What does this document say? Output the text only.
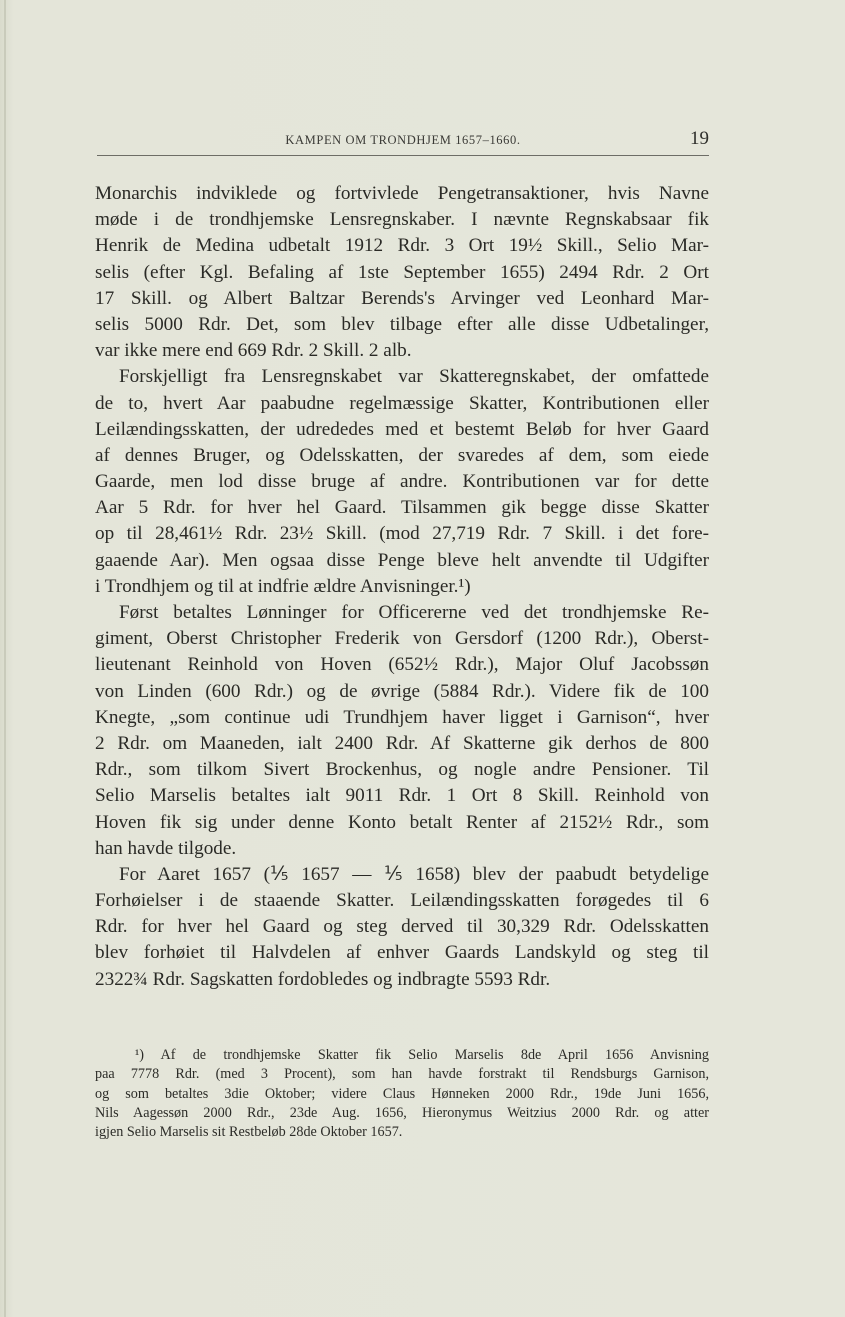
KAMPEN OM TRONDHJEM 1657–1660.	19
Monarchis indviklede og fortvivlede Pengetransaktioner, hvis Navne
møde i de trondhjemske Lensregnskaber. I nævnte Regnskabsaar fik
Henrik de Medina udbetalt 1912 Rdr. 3 Ort 19½ Skill., Selio Mar-
selis (efter Kgl. Befaling af 1ste September 1655) 2494 Rdr. 2 Ort
17 Skill. og Albert Baltzar Berends's Arvinger ved Leonhard Mar-
selis 5000 Rdr. Det, som blev tilbage efter alle disse Udbetalinger,
var ikke mere end 669 Rdr. 2 Skill. 2 alb.
Forskjelligt fra Lensregnskabet var Skatteregnskabet, der omfattede
de to, hvert Aar paabudne regelmæssige Skatter, Kontributionen eller
Leilændingsskatten, der udrededes med et bestemt Beløb for hver Gaard
af dennes Bruger, og Odelsskatten, der svaredes af dem, som eiede
Gaarde, men lod disse bruge af andre. Kontributionen var for dette
Aar 5 Rdr. for hver hel Gaard. Tilsammen gik begge disse Skatter
op til 28,461½ Rdr. 23½ Skill. (mod 27,719 Rdr. 7 Skill. i det fore-
gaaende Aar). Men ogsaa disse Penge bleve helt anvendte til Udgifter
i Trondhjem og til at indfrie ældre Anvisninger.¹)
Først betaltes Lønninger for Officererne ved det trondhjemske Re-
giment, Oberst Christopher Frederik von Gersdorf (1200 Rdr.), Oberst-
lieutenant Reinhold von Hoven (652½ Rdr.), Major Oluf Jacobssøn
von Linden (600 Rdr.) og de øvrige (5884 Rdr.). Videre fik de 100
Knegte, „som continue udi Trundhjem haver ligget i Garnison“, hver
2 Rdr. om Maaneden, ialt 2400 Rdr. Af Skatterne gik derhos de 800
Rdr., som tilkom Sivert Brockenhus, og nogle andre Pensioner. Til
Selio Marselis betaltes ialt 9011 Rdr. 1 Ort 8 Skill. Reinhold von
Hoven fik sig under denne Konto betalt Renter af 2152½ Rdr., som
han havde tilgode.
For Aaret 1657 (⅕ 1657 — ⅕ 1658) blev der paabudt betydelige
Forhøielser i de staaende Skatter. Leilændingsskatten forøgedes til 6
Rdr. for hver hel Gaard og steg derved til 30,329 Rdr. Odelsskatten
blev forhøiet til Halvdelen af enhver Gaards Landskyld og steg til
2322¾ Rdr. Sagskatten fordobledes og indbragte 5593 Rdr.
¹) Af de trondhjemske Skatter fik Selio Marselis 8de April 1656 Anvisning
paa 7778 Rdr. (med 3 Procent), som han havde forstrakt til Rendsburgs Garnison,
og som betaltes 3die Oktober; videre Claus Hønneken 2000 Rdr., 19de Juni 1656,
Nils Aagessøn 2000 Rdr., 23de Aug. 1656, Hieronymus Weitzius 2000 Rdr. og atter
igjen Selio Marselis sit Restbeløb 28de Oktober 1657.
